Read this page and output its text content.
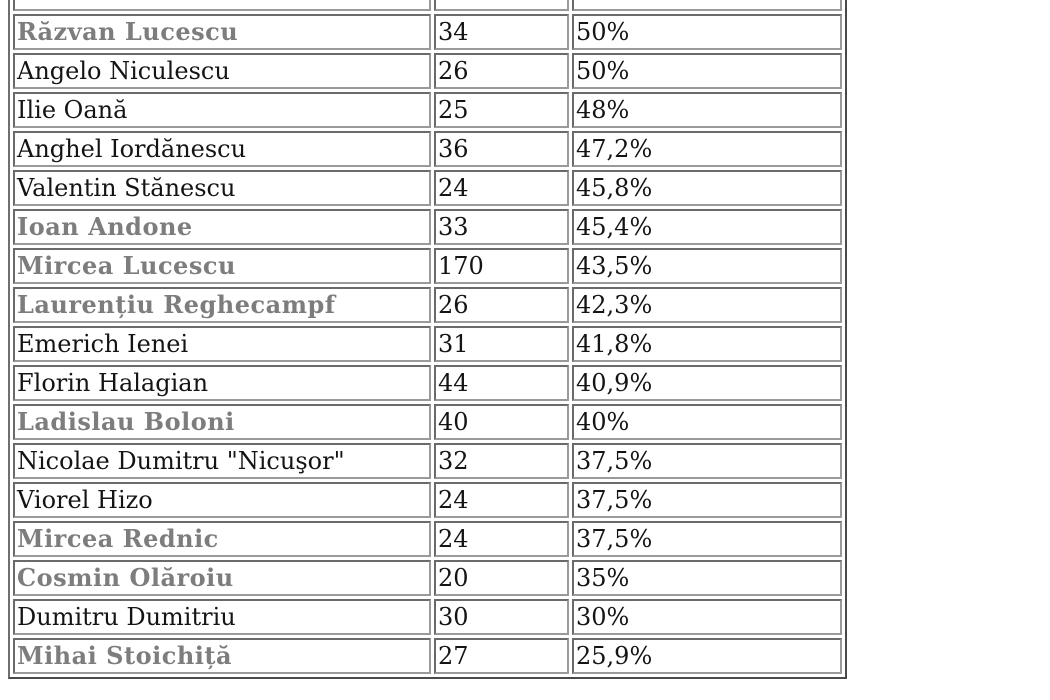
Răzvan Lucescu	34	50%
Angelo Niculescu	26	50%
Ilie Oană	25	48%
Anghel Iordănescu	36	47,2%
Valentin Stănescu	24	45,8%
Ioan Andone	33	45,4%
Mircea Lucescu	170	43,5%
Laurențiu Reghecampf	26	42,3%
Emerich Ienei	31	41,8%
Florin Halagian	44	40,9%
Ladislau Boloni	40	40%
Nicolae Dumitru "Nicuşor"	32	37,5%
Viorel Hizo	24	37,5%
Mircea Rednic	24	37,5%
Cosmin Olăroiu	20	35%
Dumitru Dumitriu	30	30%
Mihai Stoichiță	27	25,9%
